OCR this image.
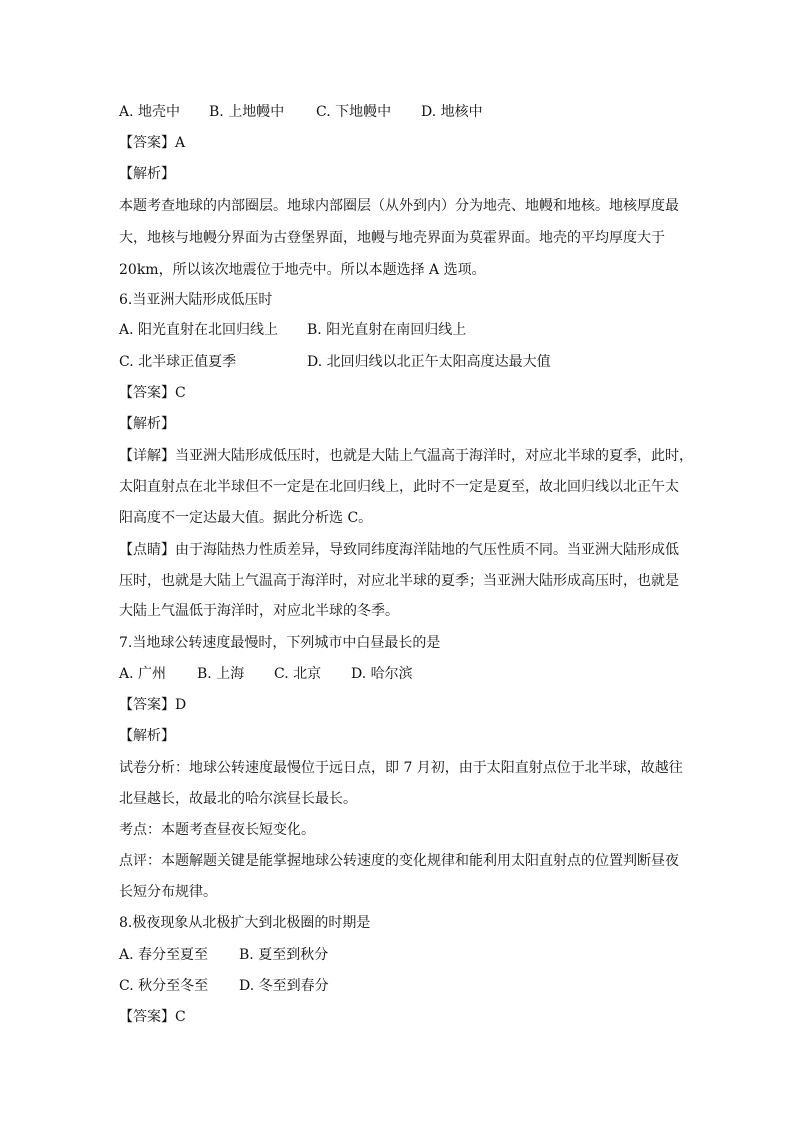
A. 地壳中 B. 上地幔中 C. 下地幔中 D. 地核中
【答案】A
【解析】
本题考查地球的内部圈层。地球内部圈层（从外到内）分为地壳、地幔和地核。地核厚度最
大，地核与地幔分界面为古登堡界面，地幔与地壳界面为莫霍界面。地壳的平均厚度大于
20km，所以该次地震位于地壳中。所以本题选择 A 选项。
6.当亚洲大陆形成低压时
A. 阳光直射在北回归线上 B. 阳光直射在南回归线上
C. 北半球正值夏季	D. 北回归线以北正午太阳高度达最大值
【答案】C
【解析】
【详解】当亚洲大陆形成低压时，也就是大陆上气温高于海洋时，对应北半球的夏季，此时，
太阳直射点在北半球但不一定是在北回归线上，此时不一定是夏至，故北回归线以北正午太
阳高度不一定达最大值。据此分析选 C。
【点睛】由于海陆热力性质差异，导致同纬度海洋陆地的气压性质不同。当亚洲大陆形成低
压时，也就是大陆上气温高于海洋时，对应北半球的夏季；当亚洲大陆形成高压时，也就是
大陆上气温低于海洋时，对应北半球的冬季。
7.当地球公转速度最慢时，下列城市中白昼最长的是
A. 广州 B. 上海 C. 北京 D. 哈尔滨
【答案】D
【解析】
试卷分析：地球公转速度最慢位于远日点，即 7 月初，由于太阳直射点位于北半球，故越往
北昼越长，故最北的哈尔滨昼长最长。
考点：本题考查昼夜长短变化。
点评：本题解题关键是能掌握地球公转速度的变化规律和能利用太阳直射点的位置判断昼夜
长短分布规律。
8.极夜现象从北极扩大到北极圈的时期是
A. 春分至夏至 B. 夏至到秋分
C. 秋分至冬至 D. 冬至到春分
【答案】C
